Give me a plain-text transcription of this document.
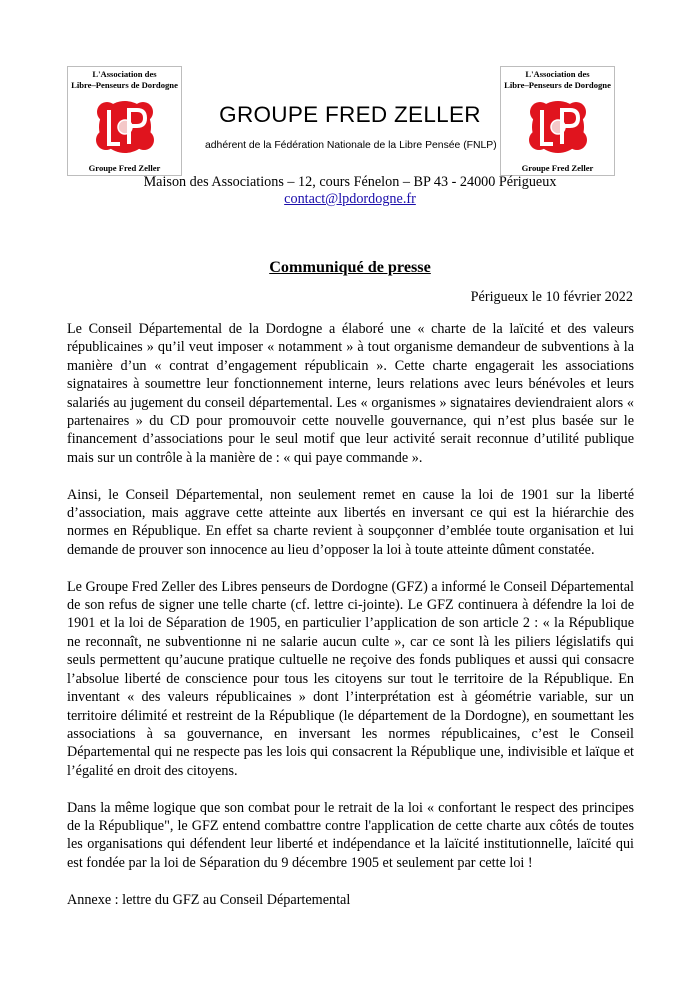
L'Association des
Libre–Penseurs de Dordogne
Groupe Fred Zeller
L'Association des
Libre–Penseurs de Dordogne
Groupe Fred Zeller
GROUPE FRED ZELLER
adhérent de la Fédération Nationale de la Libre Pensée (FNLP)
Maison des Associations – 12, cours Fénelon – BP 43 - 24000 Périgueux
contact@lpdordogne.fr
Communiqué de presse
Périgueux le 10 février 2022

Le Conseil Départemental de la Dordogne a élaboré une « charte de la laïcité et des valeurs républicaines » qu’il veut imposer « notamment » à tout organisme demandeur de subventions à la manière d’un « contrat d’engagement républicain ». Cette charte engagerait les associations signataires à soumettre leur fonctionnement interne, leurs relations avec leurs bénévoles et leurs salariés au jugement du conseil départemental. Les « organismes » signataires deviendraient alors « partenaires » du CD pour promouvoir cette nouvelle gouvernance, qui n’est plus basée sur le financement d’associations pour le seul motif que leur activité serait reconnue d’utilité publique mais sur un contrôle à la manière de : « qui paye commande ».

Ainsi, le Conseil Départemental, non seulement remet en cause la loi de 1901 sur la liberté d’association, mais aggrave cette atteinte aux libertés en inversant ce qui est la hiérarchie des normes en République. En effet sa charte revient à soupçonner d’emblée toute organisation et lui demande de prouver son innocence au lieu d’opposer la loi à toute atteinte dûment constatée.

Le Groupe Fred Zeller des Libres penseurs de Dordogne (GFZ) a informé le Conseil Départemental de son refus de signer une telle charte (cf. lettre ci-jointe). Le GFZ continuera à défendre la loi de 1901 et la loi de Séparation de 1905, en particulier l’application de son article 2 : « la République ne reconnaît, ne subventionne ni ne salarie aucun culte », car ce sont là les piliers législatifs qui seuls permettent qu’aucune pratique cultuelle ne reçoive des fonds publiques et aussi qui consacre l’absolue liberté de conscience pour tous les citoyens sur tout le territoire de la République. En inventant « des valeurs républicaines » dont l’interprétation est à géométrie variable, sur un territoire délimité et restreint de la République (le département de la Dordogne), en soumettant les associations à sa gouvernance, en inversant les normes républicaines, c’est le Conseil Départemental qui ne respecte pas les lois qui consacrent la République une, indivisible et laïque et l’égalité en droit des citoyens.

Dans la même logique que son combat pour le retrait de la loi « confortant le respect des principes de la République", le GFZ entend combattre contre l'application de cette charte aux côtés de toutes les organisations qui défendent leur liberté et indépendance et la laïcité institutionnelle, laïcité qui est fondée par la loi de Séparation du 9 décembre 1905 et seulement par cette loi !

Annexe : lettre du GFZ au Conseil Départemental
